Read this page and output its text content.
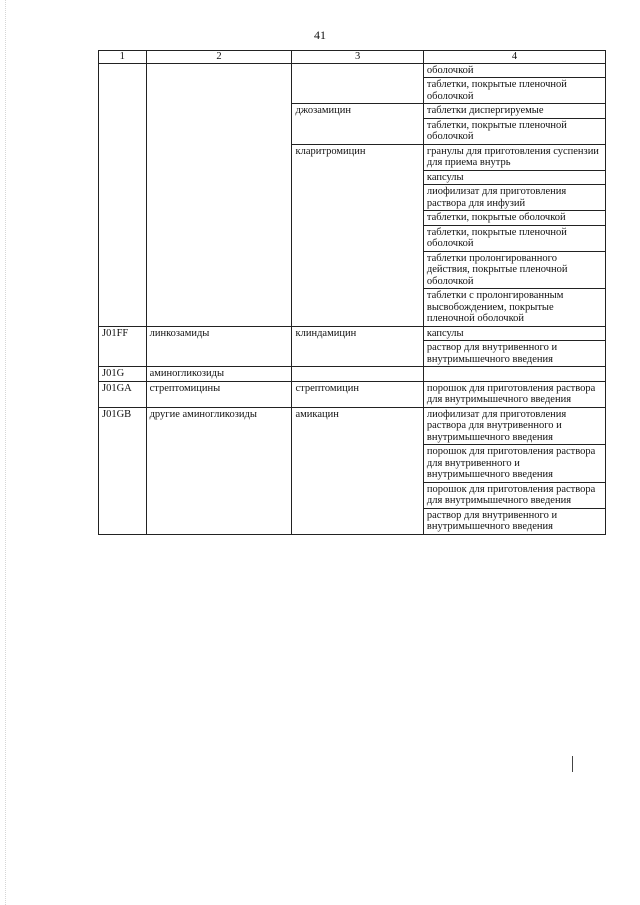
41
1	2	3	4
			оболочкой
			таблетки, покрытые пленочной оболочкой
		джозамицин	таблетки диспергируемые
			таблетки, покрытые пленочной оболочкой
		кларитромицин	гранулы для приготовления суспензии для приема внутрь
			капсулы
			лиофилизат для приготовления раствора для инфузий
			таблетки, покрытые оболочкой
			таблетки, покрытые пленочной оболочкой
			таблетки пролонгированного действия, покрытые пленочной оболочкой
			таблетки с пролонгированным высвобождением, покрытые пленочной оболочкой
J01FF	линкозамиды	клиндамицин	капсулы
			раствор для внутривенного и внутримышечного введения
J01G	аминогликозиды		
J01GA	стрептомицины	стрептомицин	порошок для приготовления раствора для внутримышечного введения
J01GB	другие аминогликозиды	амикацин	лиофилизат для приготовления раствора для внутривенного и внутримышечного введения
			порошок для приготовления раствора для внутривенного и внутримышечного введения
			порошок для приготовления раствора для внутримышечного введения
			раствор для внутривенного и внутримышечного введения
